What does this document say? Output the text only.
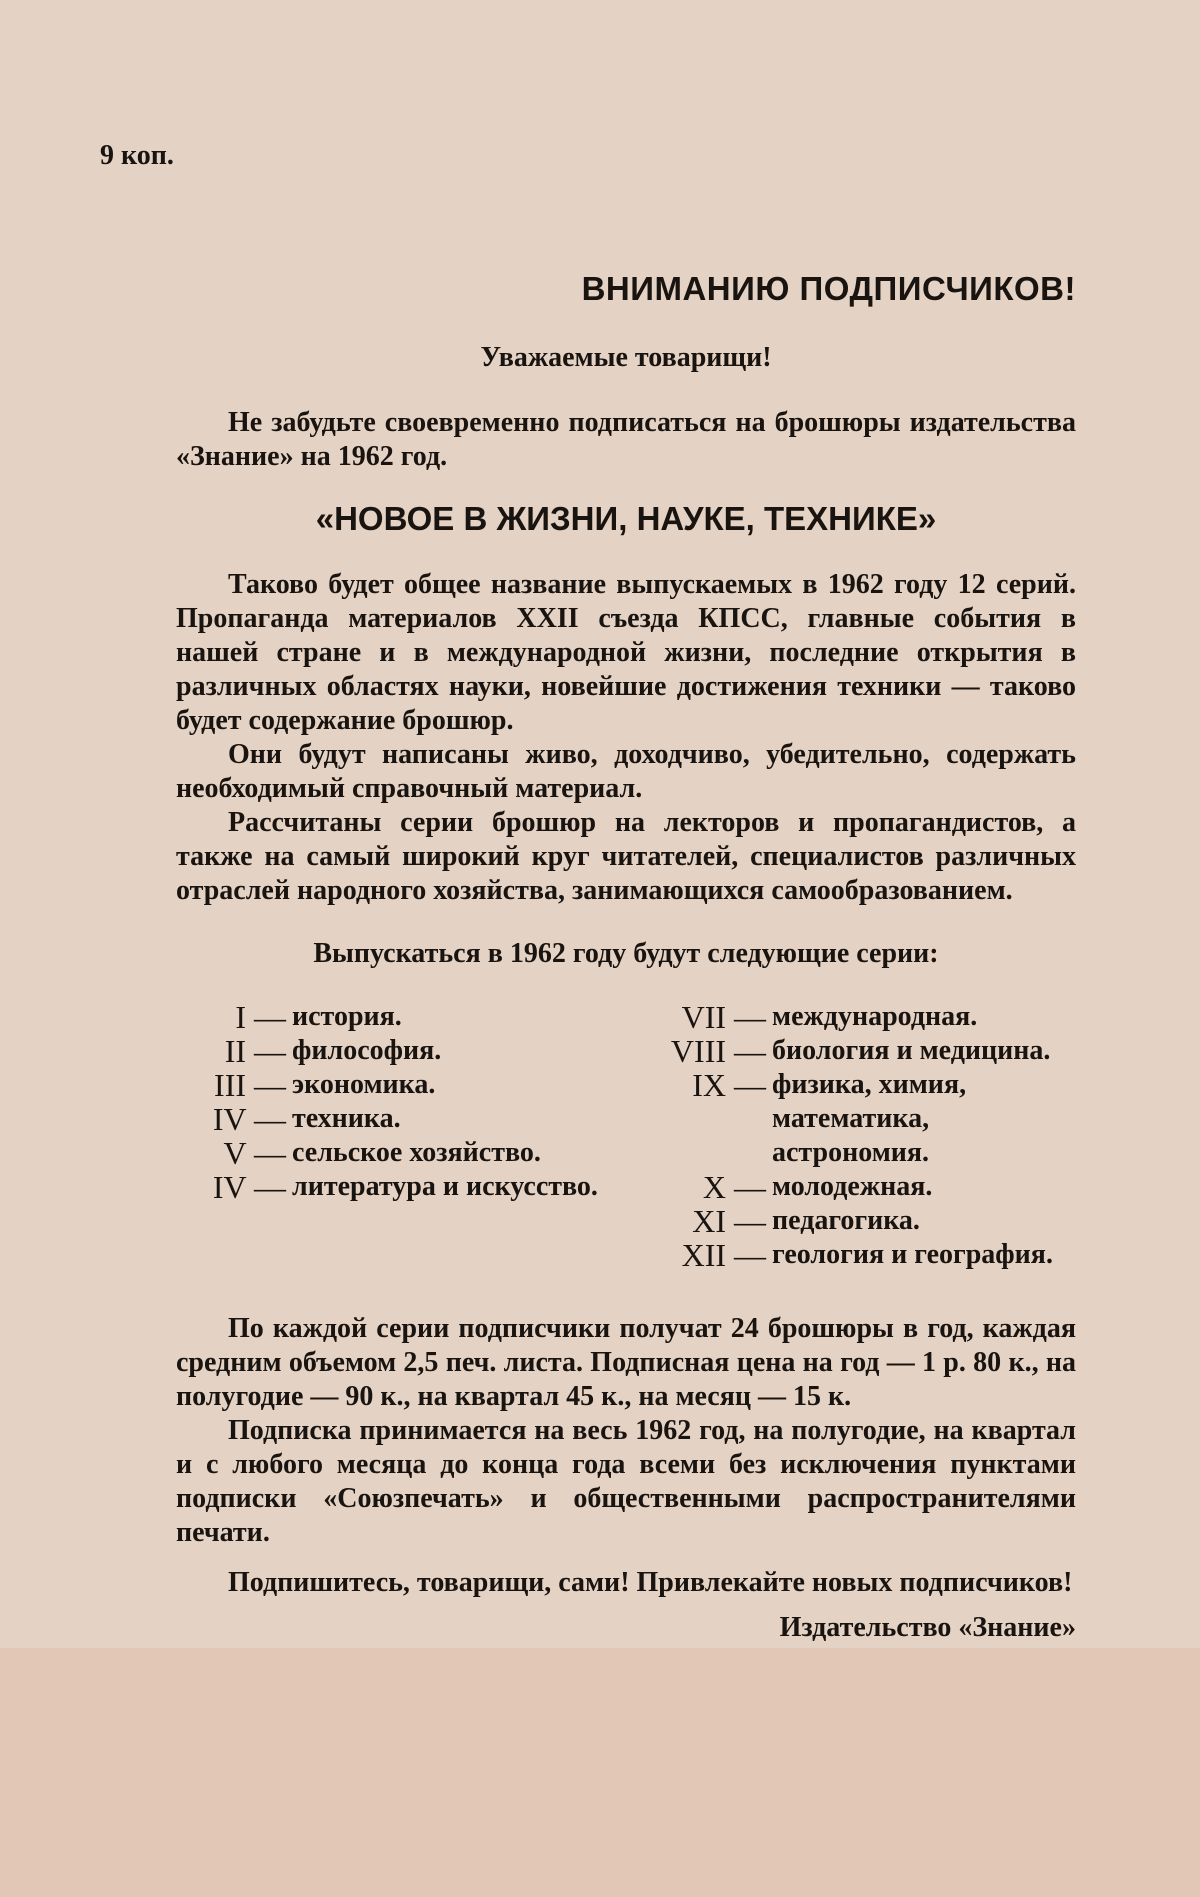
9 коп.
ВНИМАНИЮ ПОДПИСЧИКОВ!
Уважаемые товарищи!

Не забудьте своевременно подписаться на брошюры издательства «Знание» на 1962 год.

«НОВОЕ В ЖИЗНИ, НАУКЕ, ТЕХНИКЕ»

Таково будет общее название выпускаемых в 1962 году 12 серий. Пропаганда материалов XXII съезда КПСС, главные события в нашей стране и в международной жизни, последние открытия в различных областях науки, новейшие достижения техники — таково будет содержание брошюр.

Они будут написаны живо, доходчиво, убедительно, содержать необходимый справочный материал.

Рассчитаны серии брошюр на лекторов и пропагандистов, а также на самый широкий круг читателей, специалистов различных отраслей народного хозяйства, занимающихся самообразованием.

Выпускаться в 1962 году будут следующие серии:
I — история.
II — философия.
III — экономика.
IV — техника.
V — сельское хозяйство.
IV — литература и искусство.
VII — международная.
VIII — биология и медицина.
IX — физика, химия, математика, астрономия.
X — молодежная.
XI — педагогика.
XII — геология и география.

По каждой серии подписчики получат 24 брошюры в год, каждая средним объемом 2,5 печ. листа. Подписная цена на год — 1 р. 80 к., на полугодие — 90 к., на квартал 45 к., на месяц — 15 к.

Подписка принимается на весь 1962 год, на полугодие, на квартал и с любого месяца до конца года всеми без исключения пунктами подписки «Союзпечать» и общественными распространителями печати.

Подпишитесь, товарищи, сами! Привлекайте новых подписчиков!

Издательство «Знание»
